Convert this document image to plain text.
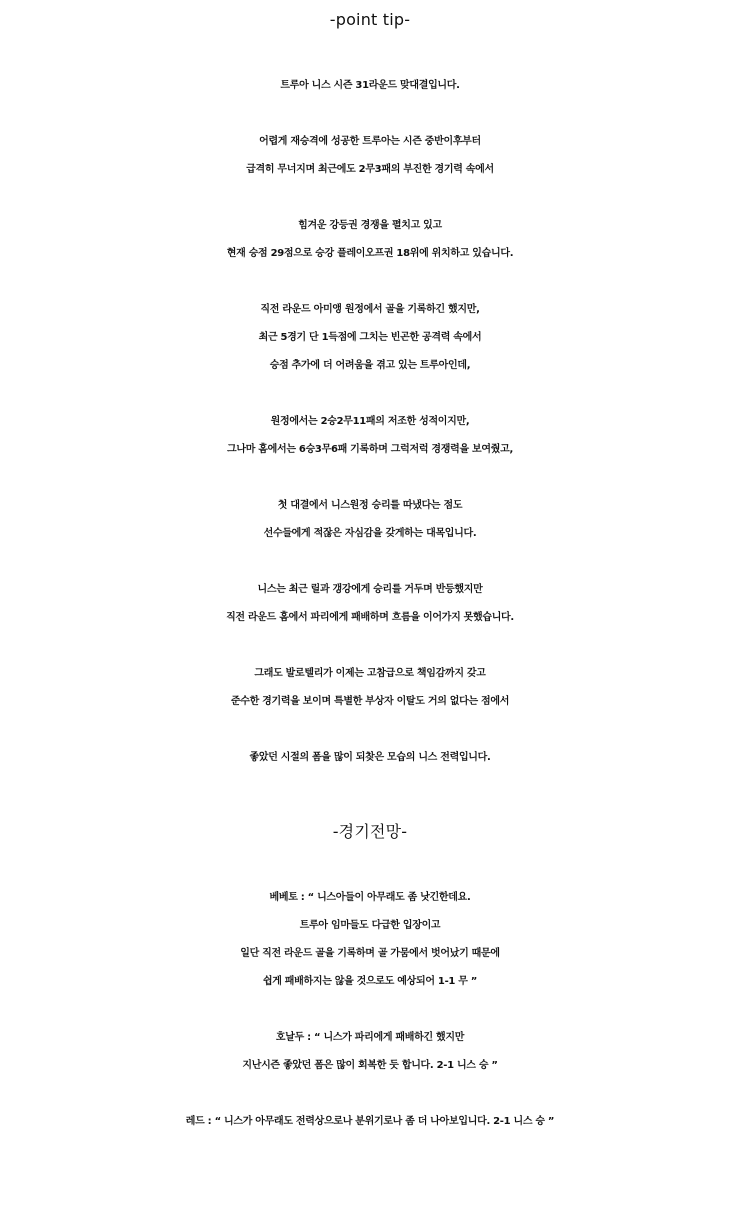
-point tip-
트루아 니스 시즌 31라운드 맞대결입니다.
어렵게 재승격에 성공한 트루아는 시즌 중반이후부터
급격히 무너지며 최근에도 2무3패의 부진한 경기력 속에서
힘겨운 강등권 경쟁을 펼치고 있고
현재 승점 29점으로 승강 플레이오프권 18위에 위치하고 있습니다.
직전 라운드 아미앵 원정에서 골을 기록하긴 했지만,
최근 5경기 단 1득점에 그치는 빈곤한 공격력 속에서
승점 추가에 더 어려움을 겪고 있는 트루아인데,
원정에서는 2승2무11패의 저조한 성적이지만,
그나마 홈에서는 6승3무6패 기록하며 그럭저럭 경쟁력을 보여줬고,
첫 대결에서 니스원정 승리를 따냈다는 점도
선수들에게 적잖은 자심감을 갖게하는 대목입니다.
니스는 최근 릴과 갱강에게 승리를 거두며 반등했지만
직전 라운드 홈에서 파리에게 패배하며 흐름을 이어가지 못했습니다.
그래도 발로텔리가 이제는 고참급으로 책임감까지 갖고
준수한 경기력을 보이며 특별한 부상자 이탈도 거의 없다는 점에서
좋았던 시절의 폼을 많이 되찾은 모습의 니스 전력입니다.
-경기전망-
베베토 : “ 니스아들이 아무래도 좀 낫긴한데요.
트루아 임마들도 다급한 입장이고
일단 직전 라운드 골을 기록하며 골 가뭄에서 벗어났기 때문에
쉽게 패배하지는 않을 것으로도 예상되어 1-1 무 ”
호날두 : “ 니스가 파리에게 패배하긴 했지만
지난시즌 좋았던 폼은 많이 회복한 듯 합니다. 2-1 니스 승 ”
레드 : “ 니스가 아무래도 전력상으로나 분위기로나 좀 더 나아보입니다. 2-1 니스 승 ”
